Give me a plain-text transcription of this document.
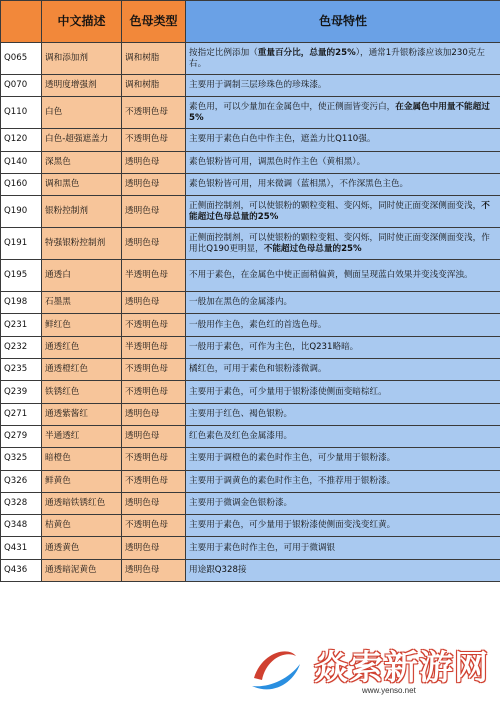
	中文描述	色母类型	色母特性
Q065	调和添加剂	调和树脂	按指定比例添加（重量百分比，总量的25%），通常1升银粉漆应该加230克左右。
Q070	透明度增强剂	调和树脂	主要用于调制三层珍珠色的珍珠漆。
Q110	白色	不透明色母	素色用，可以少量加在金属色中，使正侧面皆变污白，在金属色中用量不能超过5%
Q120	白色-超强遮盖力	不透明色母	主要用于素色白色中作主色，遮盖力比Q110强。
Q140	深黑色	透明色母	素色银粉皆可用，调黑色时作主色（黄相黑）。
Q160	调和黑色	透明色母	素色银粉皆可用，用来微调（蓝相黑），不作深黑色主色。
Q190	银粉控制剂	透明色母	正侧面控制剂，可以使银粉的颗粒变粗、变闪烁，同时使正面变深侧面变浅，不能超过色母总量的25%
Q191	特强银粉控制剂	透明色母	正侧面控制剂，可以使银粉的颗粒变粗、变闪烁，同时使正面变深侧面变浅，作用比Q190更明显，不能超过色母总量的25%
Q195	通透白	半透明色母	不用于素色，在金属色中使正面稍偏黄，侧面呈现蓝白效果并变浅变浑浊。
Q198	石墨黑	透明色母	一般加在黑色的金属漆内。
Q231	鲜红色	不透明色母	一般用作主色，素色红的首选色母。
Q232	通透红色	半透明色母	一般用于素色，可作为主色，比Q231略暗。
Q235	通透橙红色	不透明色母	橘红色，可用于素色和银粉漆微调。
Q239	铁锈红色	不透明色母	主要用于素色，可少量用于银粉漆使侧面变暗棕红。
Q271	通透紫酱红	透明色母	主要用于红色、褐色银粉。
Q279	半通透红	透明色母	红色素色及红色金属漆用。
Q325	暗橙色	不透明色母	主要用于调橙色的素色时作主色，可少量用于银粉漆。
Q326	鲜黄色	不透明色母	主要用于调黄色的素色时作主色，不推荐用于银粉漆。
Q328	通透暗铁锈红色	透明色母	主要用于微调金色银粉漆。
Q348	桔黄色	不透明色母	主要用于素色，可少量用于银粉漆使侧面变浅变红黄。
Q431	通透黄色	透明色母	主要用于素色时作主色，可用于微调银
Q436	通透暗泥黄色	透明色母	用途跟Q328接
焱索新游网
www.yenso.net
